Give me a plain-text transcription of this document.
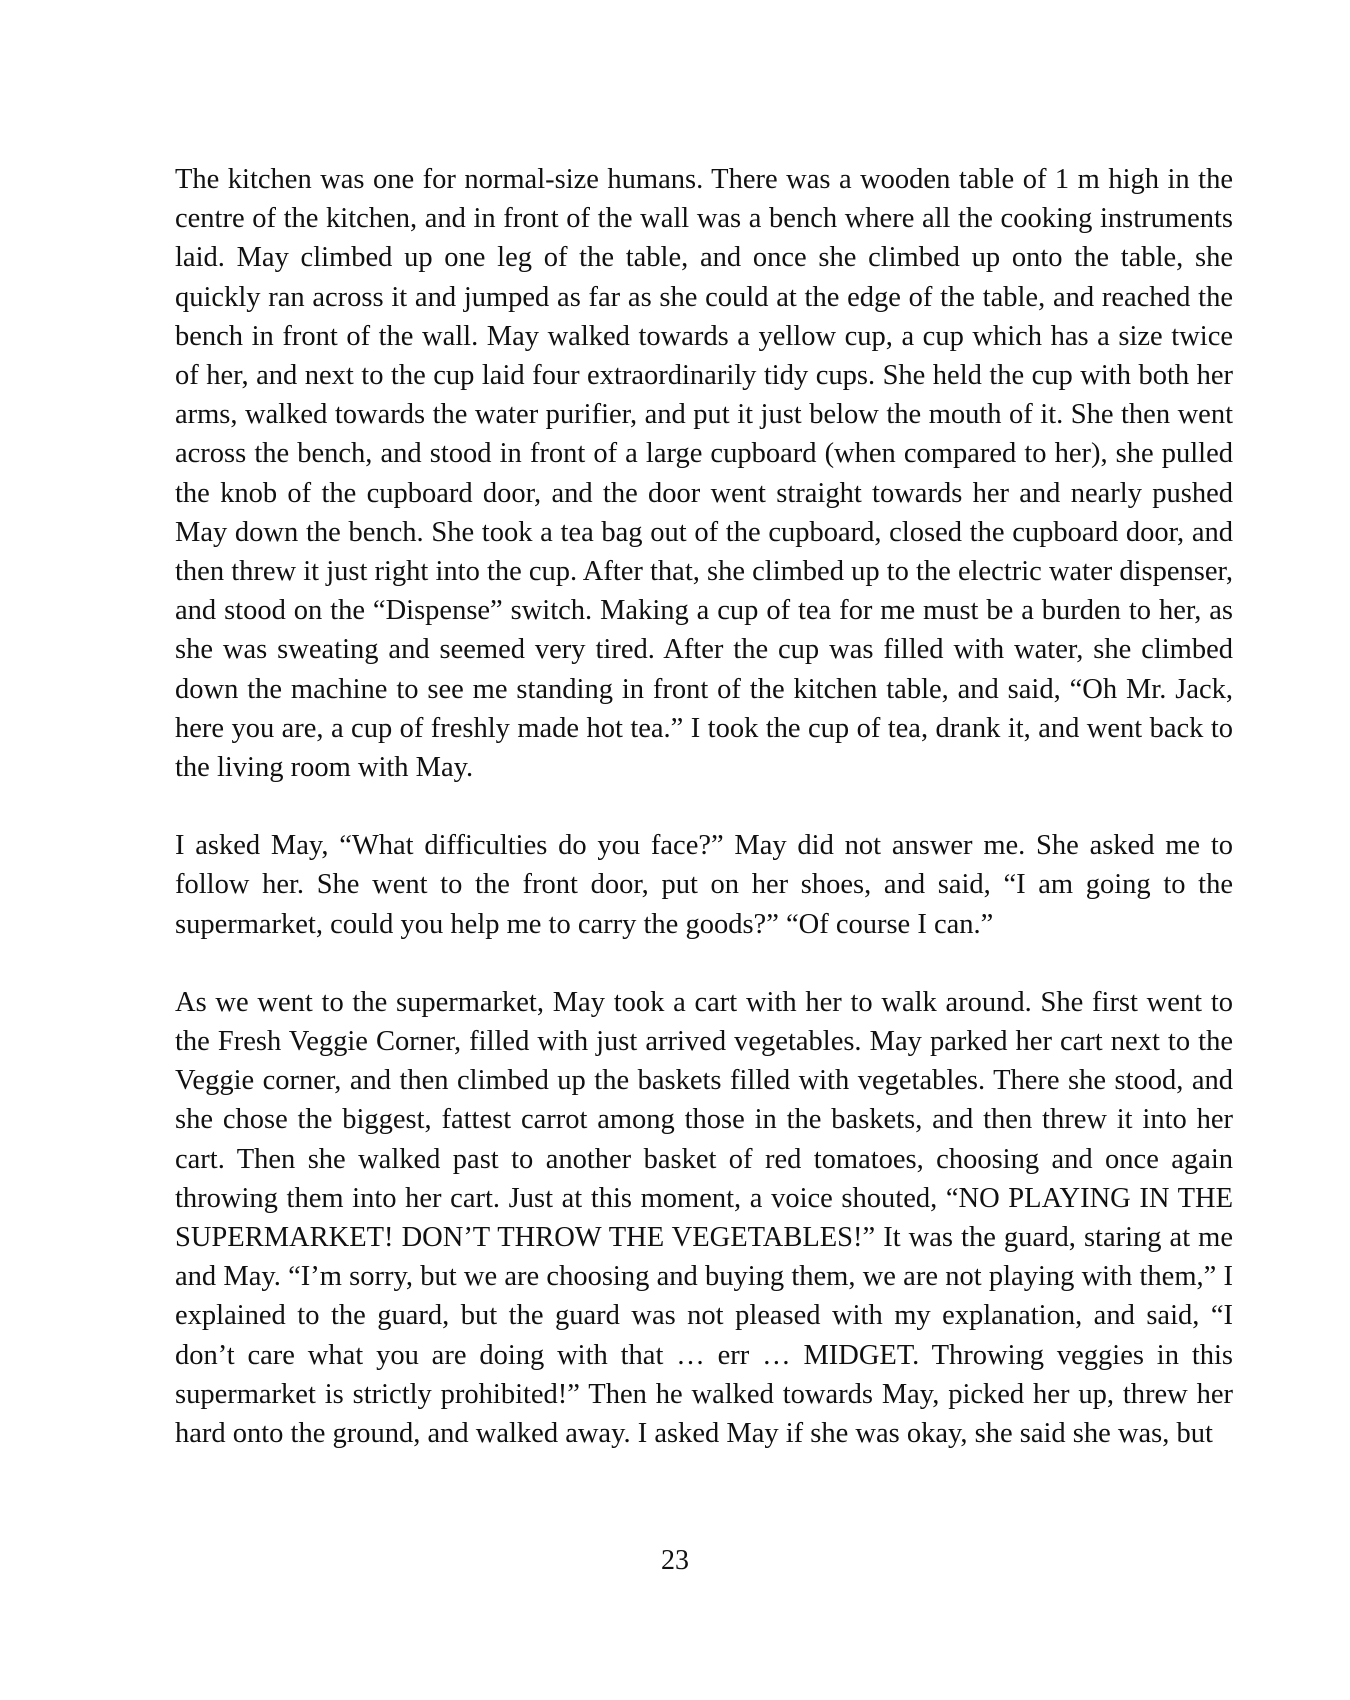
The kitchen was one for normal-size humans. There was a wooden table of 1 m high in the centre of the kitchen, and in front of the wall was a bench where all the cooking instruments laid. May climbed up one leg of the table, and once she climbed up onto the table, she quickly ran across it and jumped as far as she could at the edge of the table, and reached the bench in front of the wall. May walked towards a yellow cup, a cup which has a size twice of her, and next to the cup laid four extraordinarily tidy cups. She held the cup with both her arms, walked towards the water purifier, and put it just below the mouth of it. She then went across the bench, and stood in front of a large cupboard (when compared to her), she pulled the knob of the cupboard door, and the door went straight towards her and nearly pushed May down the bench. She took a tea bag out of the cupboard, closed the cupboard door, and then threw it just right into the cup. After that, she climbed up to the electric water dispenser, and stood on the “Dispense” switch. Making a cup of tea for me must be a burden to her, as she was sweating and seemed very tired. After the cup was filled with water, she climbed down the machine to see me standing in front of the kitchen table, and said, “Oh Mr. Jack, here you are, a cup of freshly made hot tea.” I took the cup of tea, drank it, and went back to the living room with May.

I asked May, “What difficulties do you face?” May did not answer me. She asked me to follow her. She went to the front door, put on her shoes, and said, “I am going to the supermarket, could you help me to carry the goods?” “Of course I can.”

As we went to the supermarket, May took a cart with her to walk around. She first went to the Fresh Veggie Corner, filled with just arrived vegetables. May parked her cart next to the Veggie corner, and then climbed up the baskets filled with vegetables. There she stood, and she chose the biggest, fattest carrot among those in the baskets, and then threw it into her cart. Then she walked past to another basket of red tomatoes, choosing and once again throwing them into her cart. Just at this moment, a voice shouted, “NO PLAYING IN THE SUPERMARKET! DON’T THROW THE VEGETABLES!” It was the guard, staring at me and May. “I’m sorry, but we are choosing and buying them, we are not playing with them,” I explained to the guard, but the guard was not pleased with my explanation, and said, “I don’t care what you are doing with that … err … MIDGET. Throwing veggies in this supermarket is strictly prohibited!” Then he walked towards May, picked her up, threw her hard onto the ground, and walked away. I asked May if she was okay, she said she was, but

23
